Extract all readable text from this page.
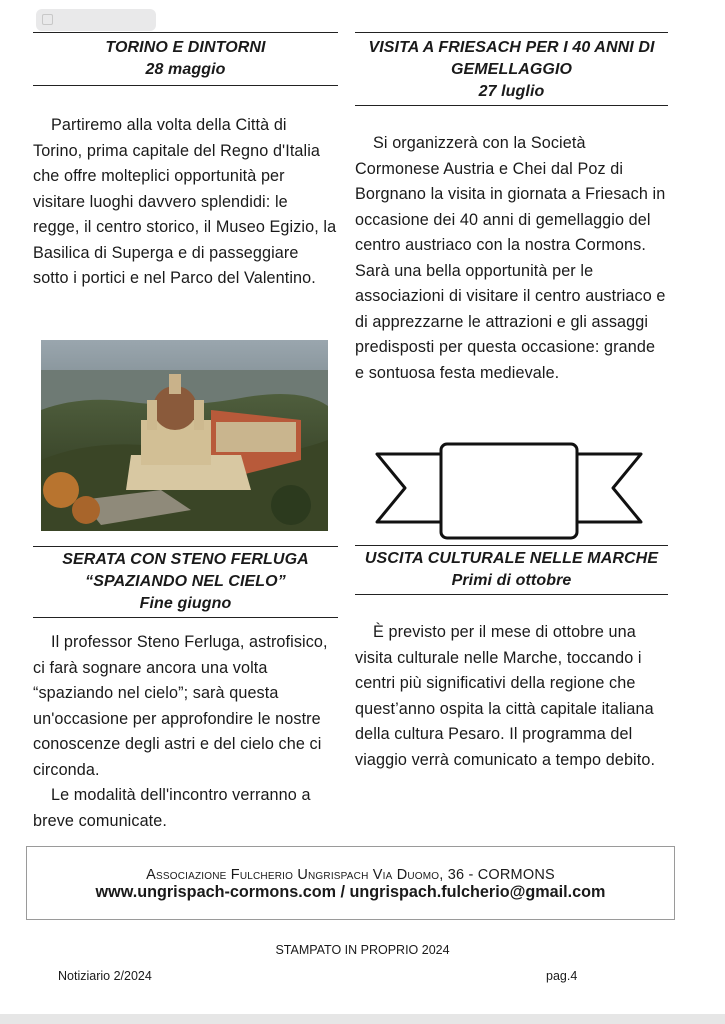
TORINO E DINTORNI
28 maggio

Partiremo alla volta della Città di Torino, prima capitale del Regno d'Italia che offre molteplici opportunità per visitare luoghi davvero splendidi: le regge, il centro storico, il Museo Egizio, la Basilica di Superga e di passeggiare sotto i portici e nel Parco del Valentino.

VISITA A FRIESACH PER I 40 ANNI DI GEMELLAGGIO
27 luglio

Si organizzerà con la Società Cormonese Austria e Chei dal Poz di Borgnano la visita in giornata a Friesach in occasione dei 40 anni di gemellaggio del centro austriaco con la nostra Cormons. Sarà una bella opportunità per le associazioni di visitare il centro austriaco e di apprezzarne le attrazioni e gli assaggi predisposti per questa occasione: grande e sontuosa festa medievale.

SERATA CON STENO FERLUGA
“SPAZIANDO NEL CIELO”
Fine giugno

Il professor Steno Ferluga, astrofisico, ci farà sognare ancora una volta “spaziando nel cielo”; sarà questa un'occasione per approfondire le nostre conoscenze degli astri e del cielo che ci circonda.

Le modalità dell'incontro verranno a breve comunicate.

USCITA CULTURALE NELLE MARCHE
Primi di ottobre

È previsto per il mese di ottobre una visita culturale nelle Marche, toccando i centri più significativi della regione che quest’anno ospita la città capitale italiana della cultura Pesaro. Il programma del viaggio verrà comunicato a tempo debito.

Associazione Fulcherio Ungrispach Via Duomo, 36 - CORMONS
www.ungrispach-cormons.com / ungrispach.fulcherio@gmail.com
STAMPATO IN PROPRIO 2024
Notiziario 2/2024	pag.4
